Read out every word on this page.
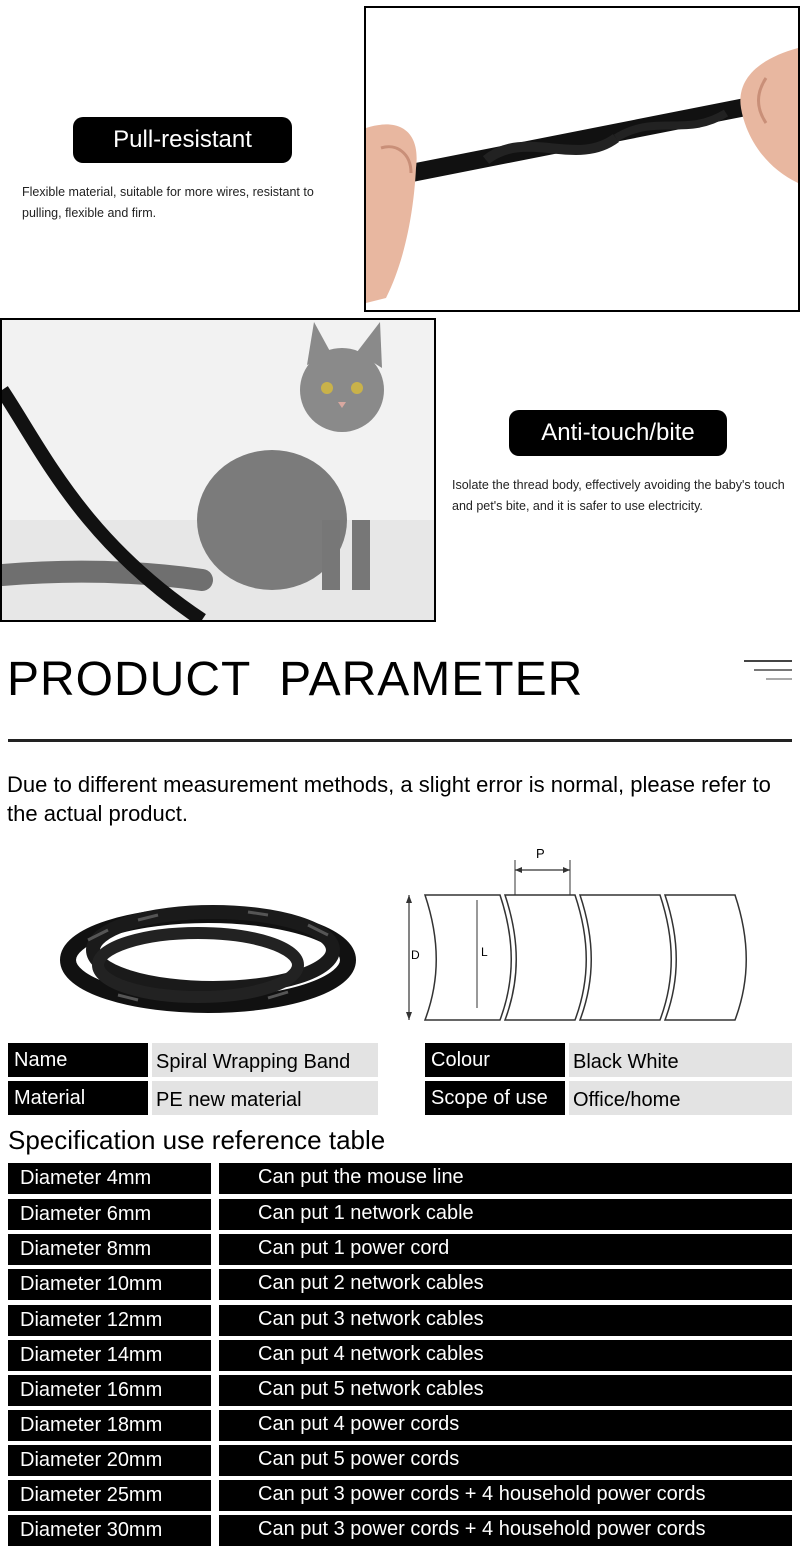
Pull-resistant
Flexible material, suitable for more wires, resistant to pulling, flexible and firm.
Anti-touch/bite
Isolate the thread body, effectively avoiding the baby's touch and pet's bite, and it is safer to use electricity.
PRODUCT  PARAMETER
Due to different measurement methods, a slight error is normal, please refer to the actual product.
P
D	L
Name	Spiral Wrapping Band	Colour	Black White
Material	PE new material	Scope of use	Office/home
Specification use reference table
Diameter 4mm	Can put the mouse line
Diameter 6mm	Can put 1 network cable
Diameter 8mm	Can put 1 power cord
Diameter 10mm	Can put 2 network cables
Diameter 12mm	Can put 3 network cables
Diameter 14mm	Can put 4 network cables
Diameter 16mm	Can put 5 network cables
Diameter 18mm	Can put 4 power cords
Diameter 20mm	Can put 5 power cords
Diameter 25mm	Can put 3 power cords + 4 household power cords
Diameter 30mm	Can put 3 power cords + 4 household power cords
